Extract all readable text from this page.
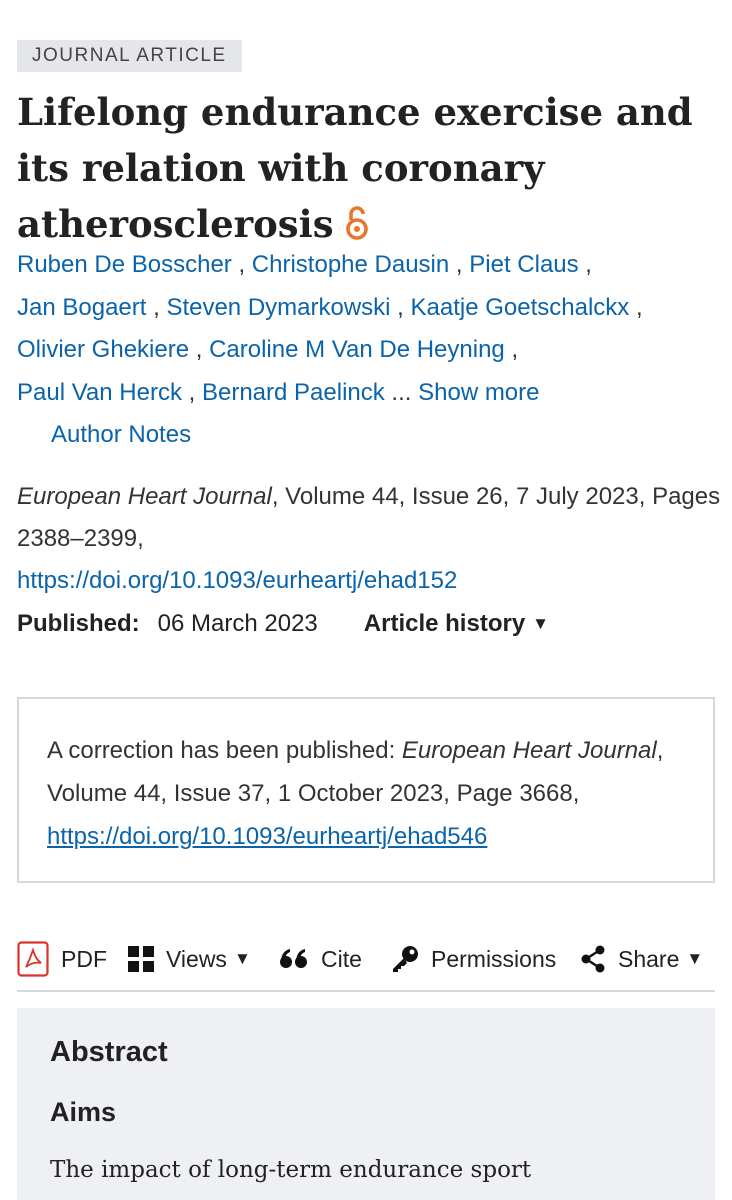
JOURNAL ARTICLE
Lifelong endurance exercise and its relation with coronary atherosclerosis
Ruben De Bosscher , Christophe Dausin , Piet Claus ,
Jan Bogaert , Steven Dymarkowski , Kaatje Goetschalckx ,
Olivier Ghekiere , Caroline M Van De Heyning ,
Paul Van Herck , Bernard Paelinck ... Show more
Author Notes
European Heart Journal, Volume 44, Issue 26, 7 July 2023, Pages 2388–2399,
https://doi.org/10.1093/eurheartj/ehad152
Published: 06 March 2023 Article history ▼
A correction has been published: European Heart Journal, Volume 44, Issue 37, 1 October 2023, Page 3668, https://doi.org/10.1093/eurheartj/ehad546
PDF	Views ▼	Cite	Permissions	Share ▼
Abstract
Aims

The impact of long-term endurance sport
